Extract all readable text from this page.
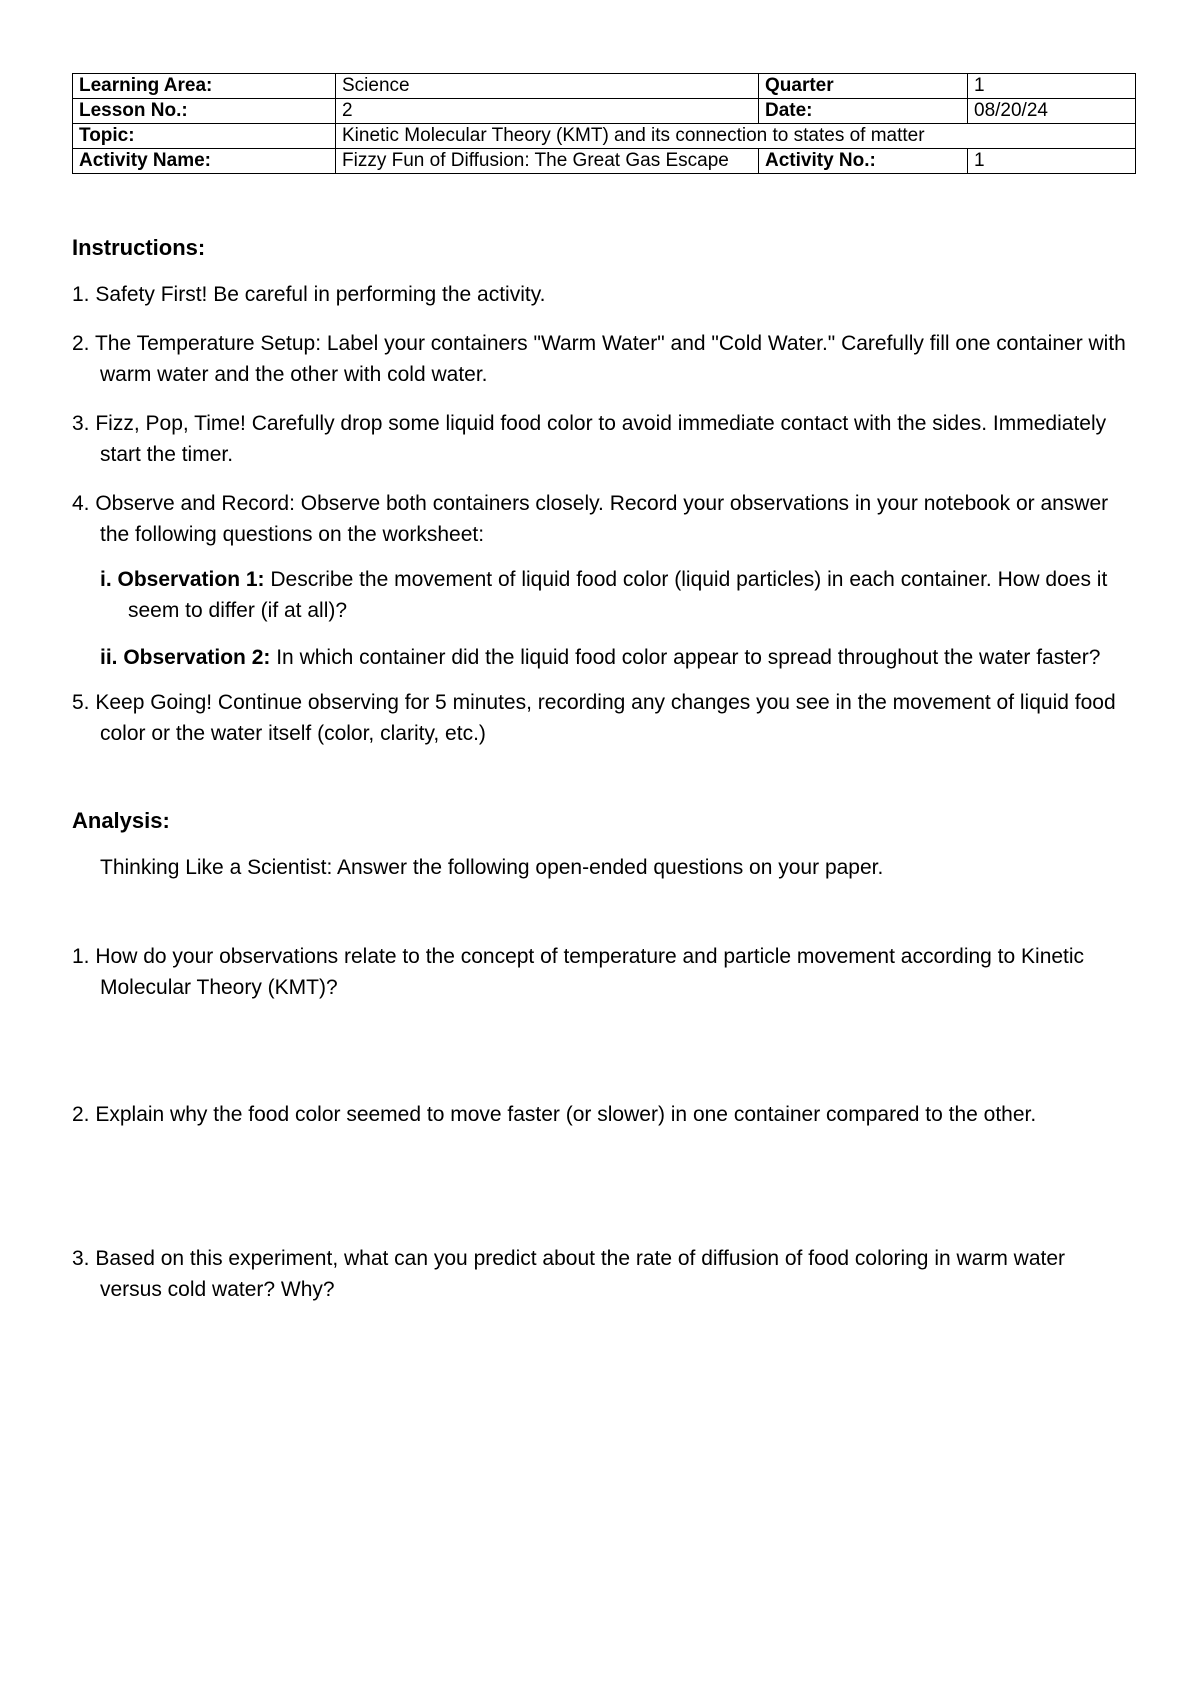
Learning Area:	Science	Quarter	1
Lesson No.:	2	Date:	08/20/24
Topic:	Kinetic Molecular Theory (KMT) and its connection to states of matter		
Activity Name:	Fizzy Fun of Diffusion: The Great Gas Escape	Activity No.:	1

Instructions:

1. Safety First! Be careful in performing the activity.

2. The Temperature Setup: Label your containers "Warm Water" and "Cold Water." Carefully fill one container with warm water and the other with cold water.

3. Fizz, Pop, Time! Carefully drop some liquid food color to avoid immediate contact with the sides. Immediately start the timer.

4. Observe and Record: Observe both containers closely. Record your observations in your notebook or answer the following questions on the worksheet:

i. Observation 1: Describe the movement of liquid food color (liquid particles) in each container. How does it seem to differ (if at all)?

ii. Observation 2: In which container did the liquid food color appear to spread throughout the water faster?

5. Keep Going! Continue observing for 5 minutes, recording any changes you see in the movement of liquid food color or the water itself (color, clarity, etc.)

Analysis:

Thinking Like a Scientist: Answer the following open-ended questions on your paper.

1. How do your observations relate to the concept of temperature and particle movement according to Kinetic Molecular Theory (KMT)?

2. Explain why the food color seemed to move faster (or slower) in one container compared to the other.

3. Based on this experiment, what can you predict about the rate of diffusion of food coloring in warm water versus cold water? Why?
